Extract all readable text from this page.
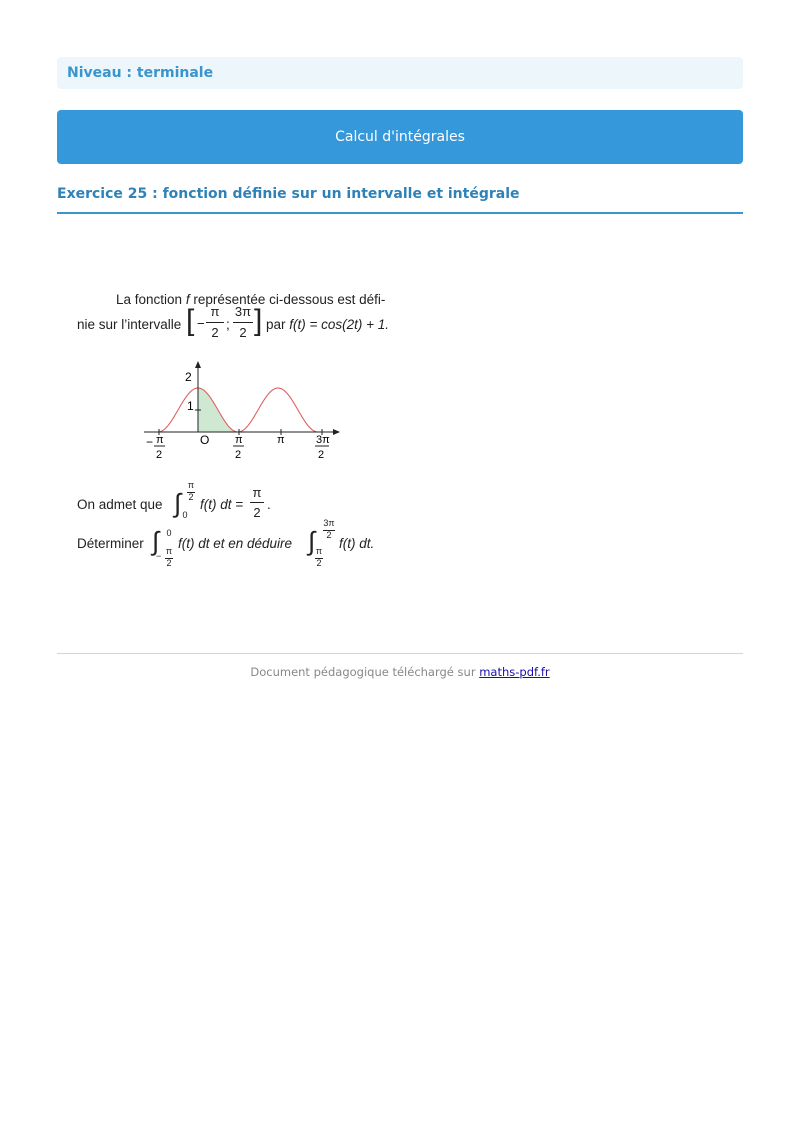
Niveau : terminale
Calcul d'intégrales
Exercice 25 : fonction définie sur un intervalle et intégrale
La fonction f représentée ci-dessous est défi-
nie sur l’intervalle [ −
π
2
;
3π
2 ] par f(t) = cos(2t) + 1.
2
1
O
− π
2
π
2
π	3π
2
On admet que ∫
π
2
0
f(t) dt =
π
2
.
Déterminer ∫ 0
− π
2
f(t) dt et en déduire ∫
3π
2
π
2
f(t) dt.
Document pédagogique téléchargé sur maths-pdf.fr
